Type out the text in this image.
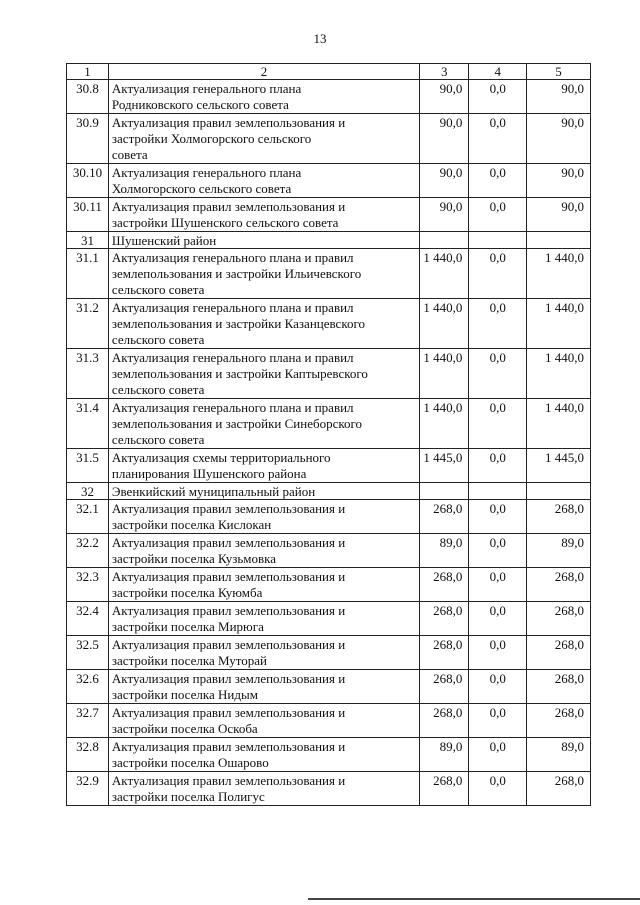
13
1	2	3	4	5
30.8	Актуализация генерального плана
Родниковского сельского совета	90,0	0,0	90,0
30.9	Актуализация правил землепользования и
застройки Холмогорского сельского
совета	90,0	0,0	90,0
30.10	Актуализация генерального плана
Холмогорского сельского совета	90,0	0,0	90,0
30.11	Актуализация правил землепользования и
застройки Шушенского сельского совета	90,0	0,0	90,0
31	Шушенский район			
31.1	Актуализация генерального плана и правил
землепользования и застройки Ильичевского
сельского совета	1 440,0	0,0	1 440,0
31.2	Актуализация генерального плана и правил
землепользования и застройки Казанцевского
сельского совета	1 440,0	0,0	1 440,0
31.3	Актуализация генерального плана и правил
землепользования и застройки Каптыревского
сельского совета	1 440,0	0,0	1 440,0
31.4	Актуализация генерального плана и правил
землепользования и застройки Синеборского
сельского совета	1 440,0	0,0	1 440,0
31.5	Актуализация схемы территориального
планирования Шушенского района	1 445,0	0,0	1 445,0
32	Эвенкийский муниципальный район			
32.1	Актуализация правил землепользования и
застройки поселка Кислокан	268,0	0,0	268,0
32.2	Актуализация правил землепользования и
застройки поселка Кузьмовка	89,0	0,0	89,0
32.3	Актуализация правил землепользования и
застройки поселка Куюмба	268,0	0,0	268,0
32.4	Актуализация правил землепользования и
застройки поселка Мирюга	268,0	0,0	268,0
32.5	Актуализация правил землепользования и
застройки поселка Муторай	268,0	0,0	268,0
32.6	Актуализация правил землепользования и
застройки поселка Нидым	268,0	0,0	268,0
32.7	Актуализация правил землепользования и
застройки поселка Оскоба	268,0	0,0	268,0
32.8	Актуализация правил землепользования и
застройки поселка Ошарово	89,0	0,0	89,0
32.9	Актуализация правил землепользования и
застройки поселка Полигус	268,0	0,0	268,0
